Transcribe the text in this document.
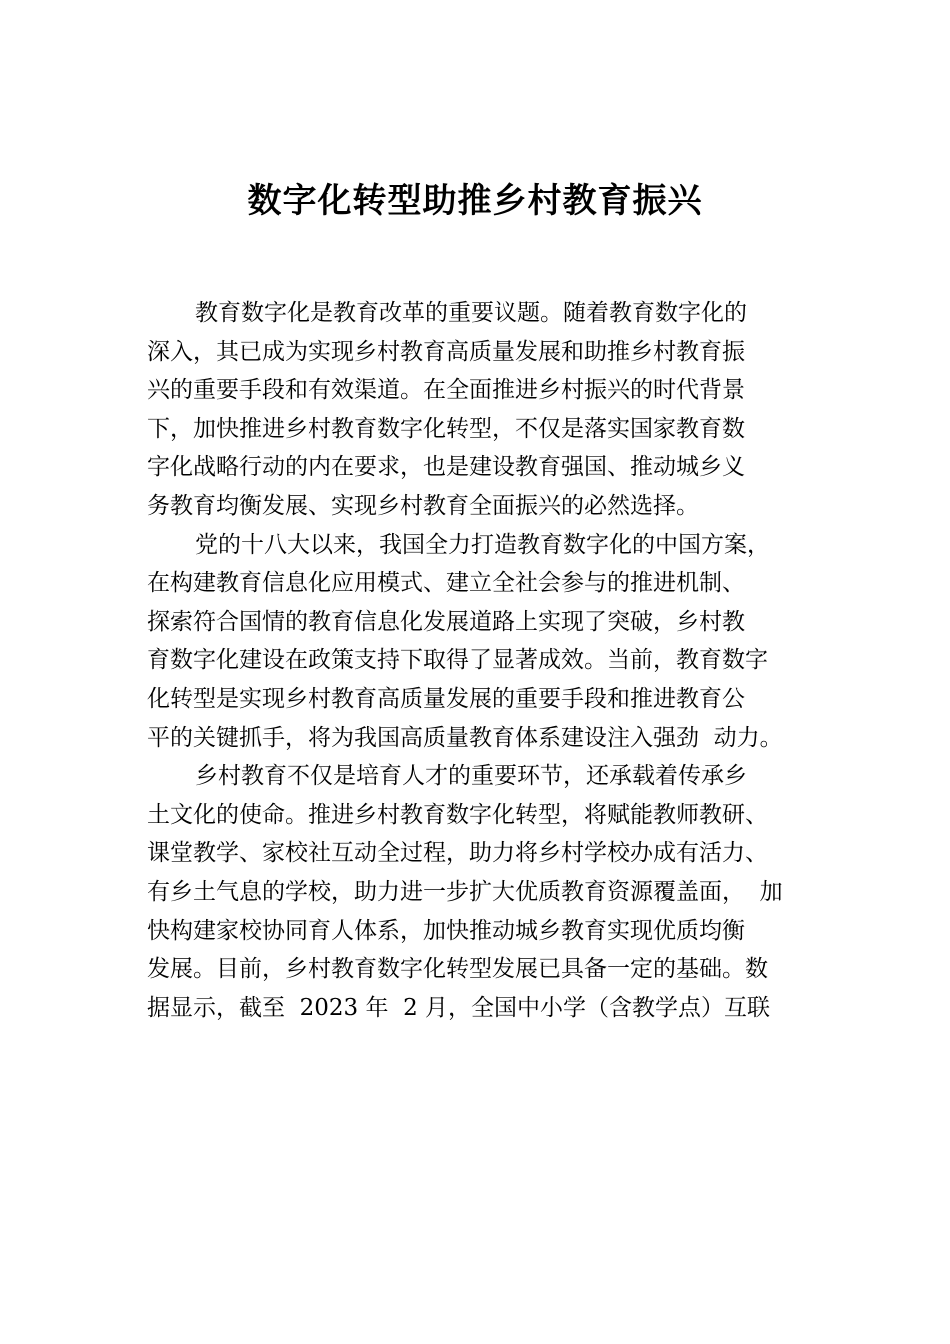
数字化转型助推乡村教育振兴
教育数字化是教育改革的重要议题。随着教育数字化的
深入，其已成为实现乡村教育高质量发展和助推乡村教育振
兴的重要手段和有效渠道。在全面推进乡村振兴的时代背景
下，加快推进乡村教育数字化转型，不仅是落实国家教育数
字化战略行动的内在要求，也是建设教育强国、推动城乡义
务教育均衡发展、实现乡村教育全面振兴的必然选择。
党的十八大以来，我国全力打造教育数字化的中国方案，
在构建教育信息化应用模式、建立全社会参与的推进机制、
探索符合国情的教育信息化发展道路上实现了突破，乡村教
育数字化建设在政策支持下取得了显著成效。当前，教育数字
化转型是实现乡村教育高质量发展的重要手段和推进教育公
平的关键抓手，将为我国高质量教育体系建设注入强劲  动力。
乡村教育不仅是培育人才的重要环节，还承载着传承乡
土文化的使命。推进乡村教育数字化转型，将赋能教师教研、
课堂教学、家校社互动全过程，助力将乡村学校办成有活力、
有乡土气息的学校，助力进一步扩大优质教育资源覆盖面，  加
快构建家校协同育人体系，加快推动城乡教育实现优质均衡
发展。目前，乡村教育数字化转型发展已具备一定的基础。数
据显示，截至  2023 年  2 月，全国中小学（含教学点）互联
